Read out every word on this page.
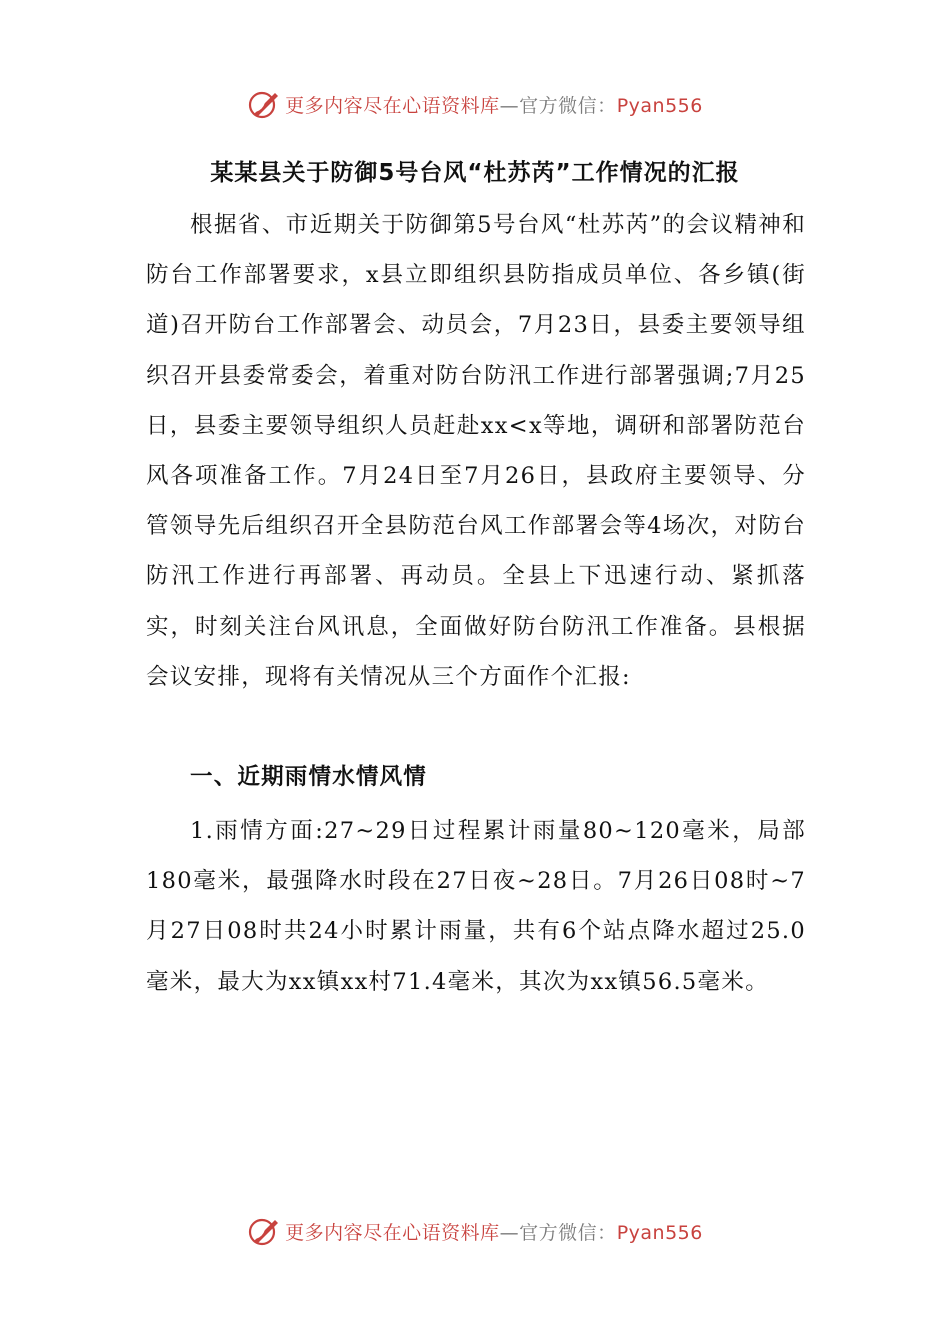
更多内容尽在心语资料库—官方微信：Pyan556
某某县关于防御5号台风“杜苏芮”工作情况的汇报

根据省、市近期关于防御第5号台风“杜苏芮”的会议精神和防台工作部署要求，x县立即组织县防指成员单位、各乡镇(街道)召开防台工作部署会、动员会，7月23日，县委主要领导组织召开县委常委会，着重对防台防汛工作进行部署强调;7月25日，县委主要领导组织人员赶赴xx<x等地，调研和部署防范台风各项准备工作。7月24日至7月26日，县政府主要领导、分管领导先后组织召开全县防范台风工作部署会等4场次，对防台防汛工作进行再部署、再动员。全县上下迅速行动、紧抓落实，时刻关注台风讯息，全面做好防台防汛工作准备。县根据会议安排，现将有关情况从三个方面作个汇报:

一、近期雨情水情风情

1.雨情方面:27~29日过程累计雨量80~120毫米，局部180毫米，最强降水时段在27日夜~28日。7月26日08时~7月27日08时共24小时累计雨量，共有6个站点降水超过25.0毫米，最大为xx镇xx村71.4毫米，其次为xx镇56.5毫米。

更多内容尽在心语资料库—官方微信：Pyan556
